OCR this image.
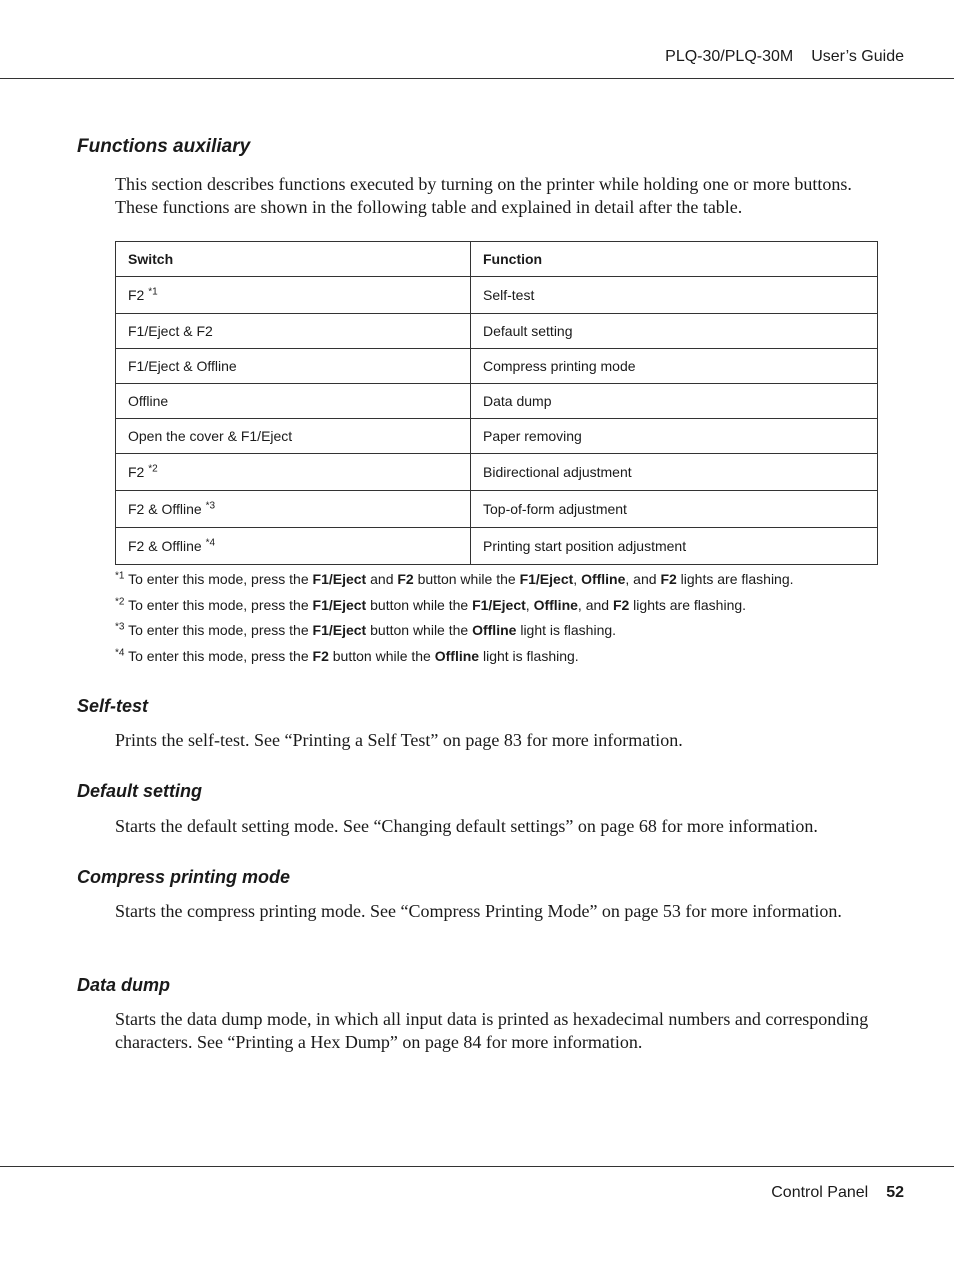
PLQ-30/PLQ-30M User’s Guide
Functions auxiliary

This section describes functions executed by turning on the printer while holding one or more buttons. These functions are shown in the following table and explained in detail after the table.

Switch	Function
F2 $^{*1}$	Self-test
F1/Eject & F2	Default setting
F1/Eject & Offline	Compress printing mode
Offline	Data dump
Open the cover & F1/Eject	Paper removing
F2 $^{*2}$	Bidirectional adjustment
F2 & Offline $^{*3}$	Top-of-form adjustment
F2 & Offline $^{*4}$	Printing start position adjustment
$^{*1}$ To enter this mode, press the F1/Eject and F2 button while the F1/Eject, Offline, and F2 lights are flashing.
$^{*2}$ To enter this mode, press the F1/Eject button while the F1/Eject, Offline, and F2 lights are flashing.
$^{*3}$ To enter this mode, press the F1/Eject button while the Offline light is flashing.
$^{*4}$ To enter this mode, press the F2 button while the Offline light is flashing.
Self-test

Prints the self-test. See “Printing a Self Test” on page 83 for more information.

Default setting

Starts the default setting mode. See “Changing default settings” on page 68 for more information.

Compress printing mode

Starts the compress printing mode. See “Compress Printing Mode” on page 53 for more information.

Data dump

Starts the data dump mode, in which all input data is printed as hexadecimal numbers and corresponding characters. See “Printing a Hex Dump” on page 84 for more information.

Control Panel 52
